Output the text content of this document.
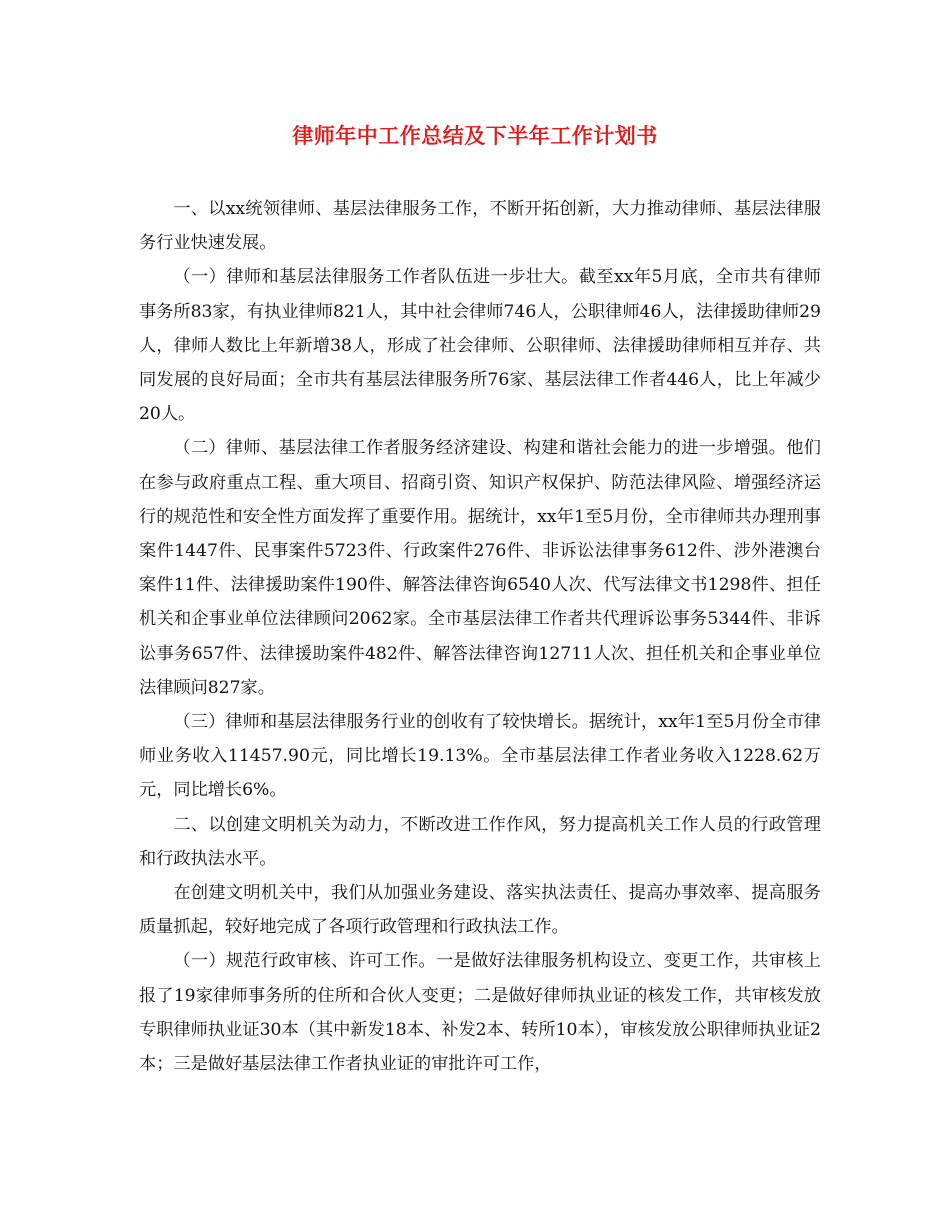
律师年中工作总结及下半年工作计划书

一、以xx统领律师、基层法律服务工作，不断开拓创新，大力推动律师、基层法律服务行业快速发展。

（一）律师和基层法律服务工作者队伍进一步壮大。截至xx年5月底，全市共有律师事务所83家，有执业律师821人，其中社会律师746人，公职律师46人，法律援助律师29人，律师人数比上年新增38人，形成了社会律师、公职律师、法律援助律师相互并存、共同发展的良好局面；全市共有基层法律服务所76家、基层法律工作者446人，比上年减少20人。

（二）律师、基层法律工作者服务经济建设、构建和谐社会能力的进一步增强。他们在参与政府重点工程、重大项目、招商引资、知识产权保护、防范法律风险、增强经济运行的规范性和安全性方面发挥了重要作用。据统计，xx年1至5月份，全市律师共办理刑事案件1447件、民事案件5723件、行政案件276件、非诉讼法律事务612件、涉外港澳台案件11件、法律援助案件190件、解答法律咨询6540人次、代写法律文书1298件、担任机关和企事业单位法律顾问2062家。全市基层法律工作者共代理诉讼事务5344件、非诉讼事务657件、法律援助案件482件、解答法律咨询12711人次、担任机关和企事业单位法律顾问827家。

（三）律师和基层法律服务行业的创收有了较快增长。据统计，xx年1至5月份全市律师业务收入11457.90元，同比增长19.13%。全市基层法律工作者业务收入1228.62万元，同比增长6%。

二、以创建文明机关为动力，不断改进工作作风，努力提高机关工作人员的行政管理和行政执法水平。

在创建文明机关中，我们从加强业务建设、落实执法责任、提高办事效率、提高服务质量抓起，较好地完成了各项行政管理和行政执法工作。

（一）规范行政审核、许可工作。一是做好法律服务机构设立、变更工作，共审核上报了19家律师事务所的住所和合伙人变更；二是做好律师执业证的核发工作，共审核发放专职律师执业证30本（其中新发18本、补发2本、转所10本），审核发放公职律师执业证2本；三是做好基层法律工作者执业证的审批许可工作，
